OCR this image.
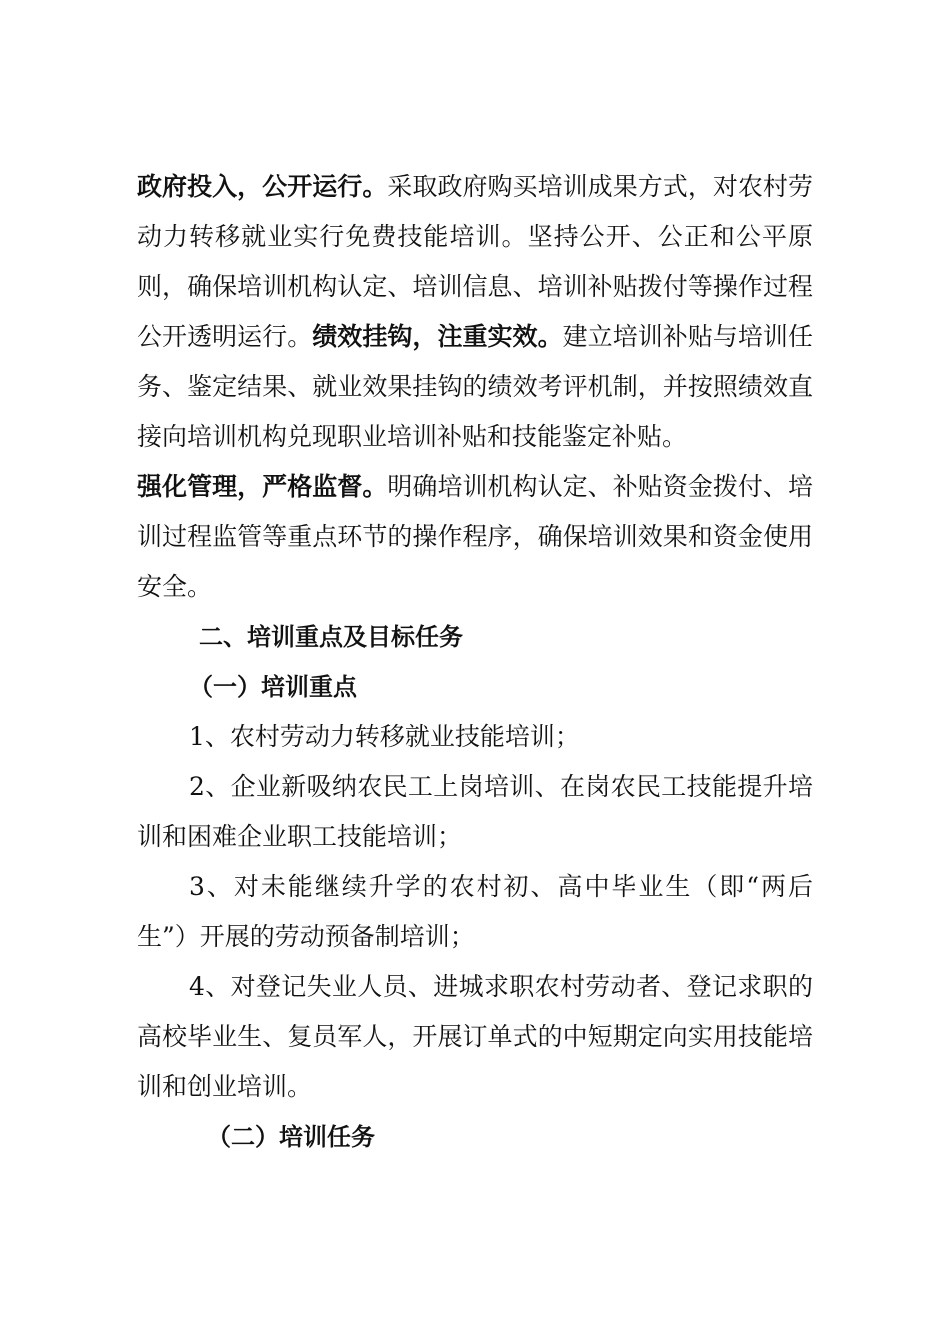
政府投入，公开运行。采取政府购买培训成果方式，对农村劳动力转移就业实行免费技能培训。坚持公开、公正和公平原则，确保培训机构认定、培训信息、培训补贴拨付等操作过程公开透明运行。绩效挂钩，注重实效。建立培训补贴与培训任务、鉴定结果、就业效果挂钩的绩效考评机制，并按照绩效直接向培训机构兑现职业培训补贴和技能鉴定补贴。

强化管理，严格监督。明确培训机构认定、补贴资金拨付、培训过程监管等重点环节的操作程序，确保培训效果和资金使用安全。

二、培训重点及目标任务

（一）培训重点

1、农村劳动力转移就业技能培训；

2、企业新吸纳农民工上岗培训、在岗农民工技能提升培训和困难企业职工技能培训；

3、对未能继续升学的农村初、高中毕业生（即“两后生”）开展的劳动预备制培训；

4、对登记失业人员、进城求职农村劳动者、登记求职的高校毕业生、复员军人，开展订单式的中短期定向实用技能培训和创业培训。

（二）培训任务
